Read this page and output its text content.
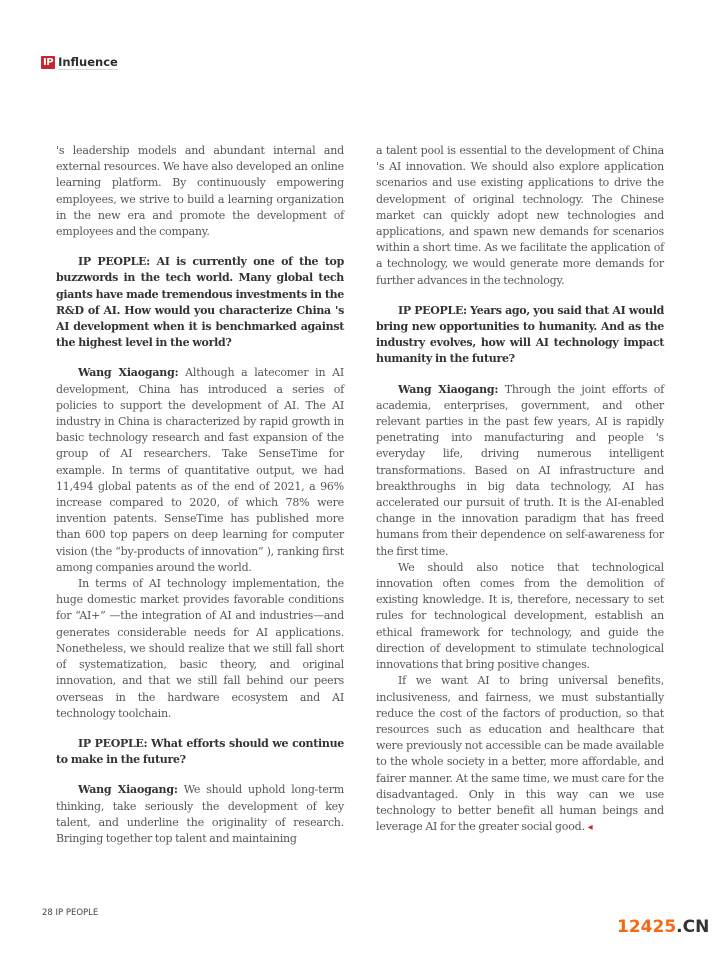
IP Influence

's leadership models and abundant internal and external resources. We have also developed an online learning platform. By continuously empowering employees, we strive to build a learning organization in the new era and promote the development of employees and the company.

IP PEOPLE: AI is currently one of the top buzzwords in the tech world. Many global tech giants have made tremendous investments in the R&D of AI. How would you characterize China 's AI development when it is benchmarked against the highest level in the world?

Wang Xiaogang: Although a latecomer in AI development, China has introduced a series of policies to support the development of AI. The AI industry in China is characterized by rapid growth in basic technology research and fast expansion of the group of AI researchers. Take SenseTime for example. In terms of quantitative output, we had 11,494 global patents as of the end of 2021, a 96% increase compared to 2020, of which 78% were invention patents. SenseTime has published more than 600 top papers on deep learning for computer vision (the “by-products of innovation” ), ranking first among companies around the world.

In terms of AI technology implementation, the huge domestic market provides favorable conditions for “AI+” —the integration of AI and industries—and generates considerable needs for AI applications. Nonetheless, we should realize that we still fall short of systematization, basic theory, and original innovation, and that we still fall behind our peers overseas in the hardware ecosystem and AI technology toolchain.

IP PEOPLE: What efforts should we continue to make in the future?

Wang Xiaogang: We should uphold long-term thinking, take seriously the development of key talent, and underline the originality of research. Bringing together top talent and maintaining

a talent pool is essential to the development of China 's AI innovation. We should also explore application scenarios and use existing applications to drive the development of original technology. The Chinese market can quickly adopt new technologies and applications, and spawn new demands for scenarios within a short time. As we facilitate the application of a technology, we would generate more demands for further advances in the technology.

IP PEOPLE: Years ago, you said that AI would bring new opportunities to humanity. And as the industry evolves, how will AI technology impact humanity in the future?

Wang Xiaogang: Through the joint efforts of academia, enterprises, government, and other relevant parties in the past few years, AI is rapidly penetrating into manufacturing and people 's everyday life, driving numerous intelligent transformations. Based on AI infrastructure and breakthroughs in big data technology, AI has accelerated our pursuit of truth. It is the AI-enabled change in the innovation paradigm that has freed humans from their dependence on self-awareness for the first time.

We should also notice that technological innovation often comes from the demolition of existing knowledge. It is, therefore, necessary to set rules for technological development, establish an ethical framework for technology, and guide the direction of development to stimulate technological innovations that bring positive changes.

If we want AI to bring universal benefits, inclusiveness, and fairness, we must substantially reduce the cost of the factors of production, so that resources such as education and healthcare that were previously not accessible can be made available to the whole society in a better, more affordable, and fairer manner. At the same time, we must care for the disadvantaged. Only in this way can we use technology to better benefit all human beings and leverage AI for the greater social good. ◂

28 IP PEOPLE
12425.CN
